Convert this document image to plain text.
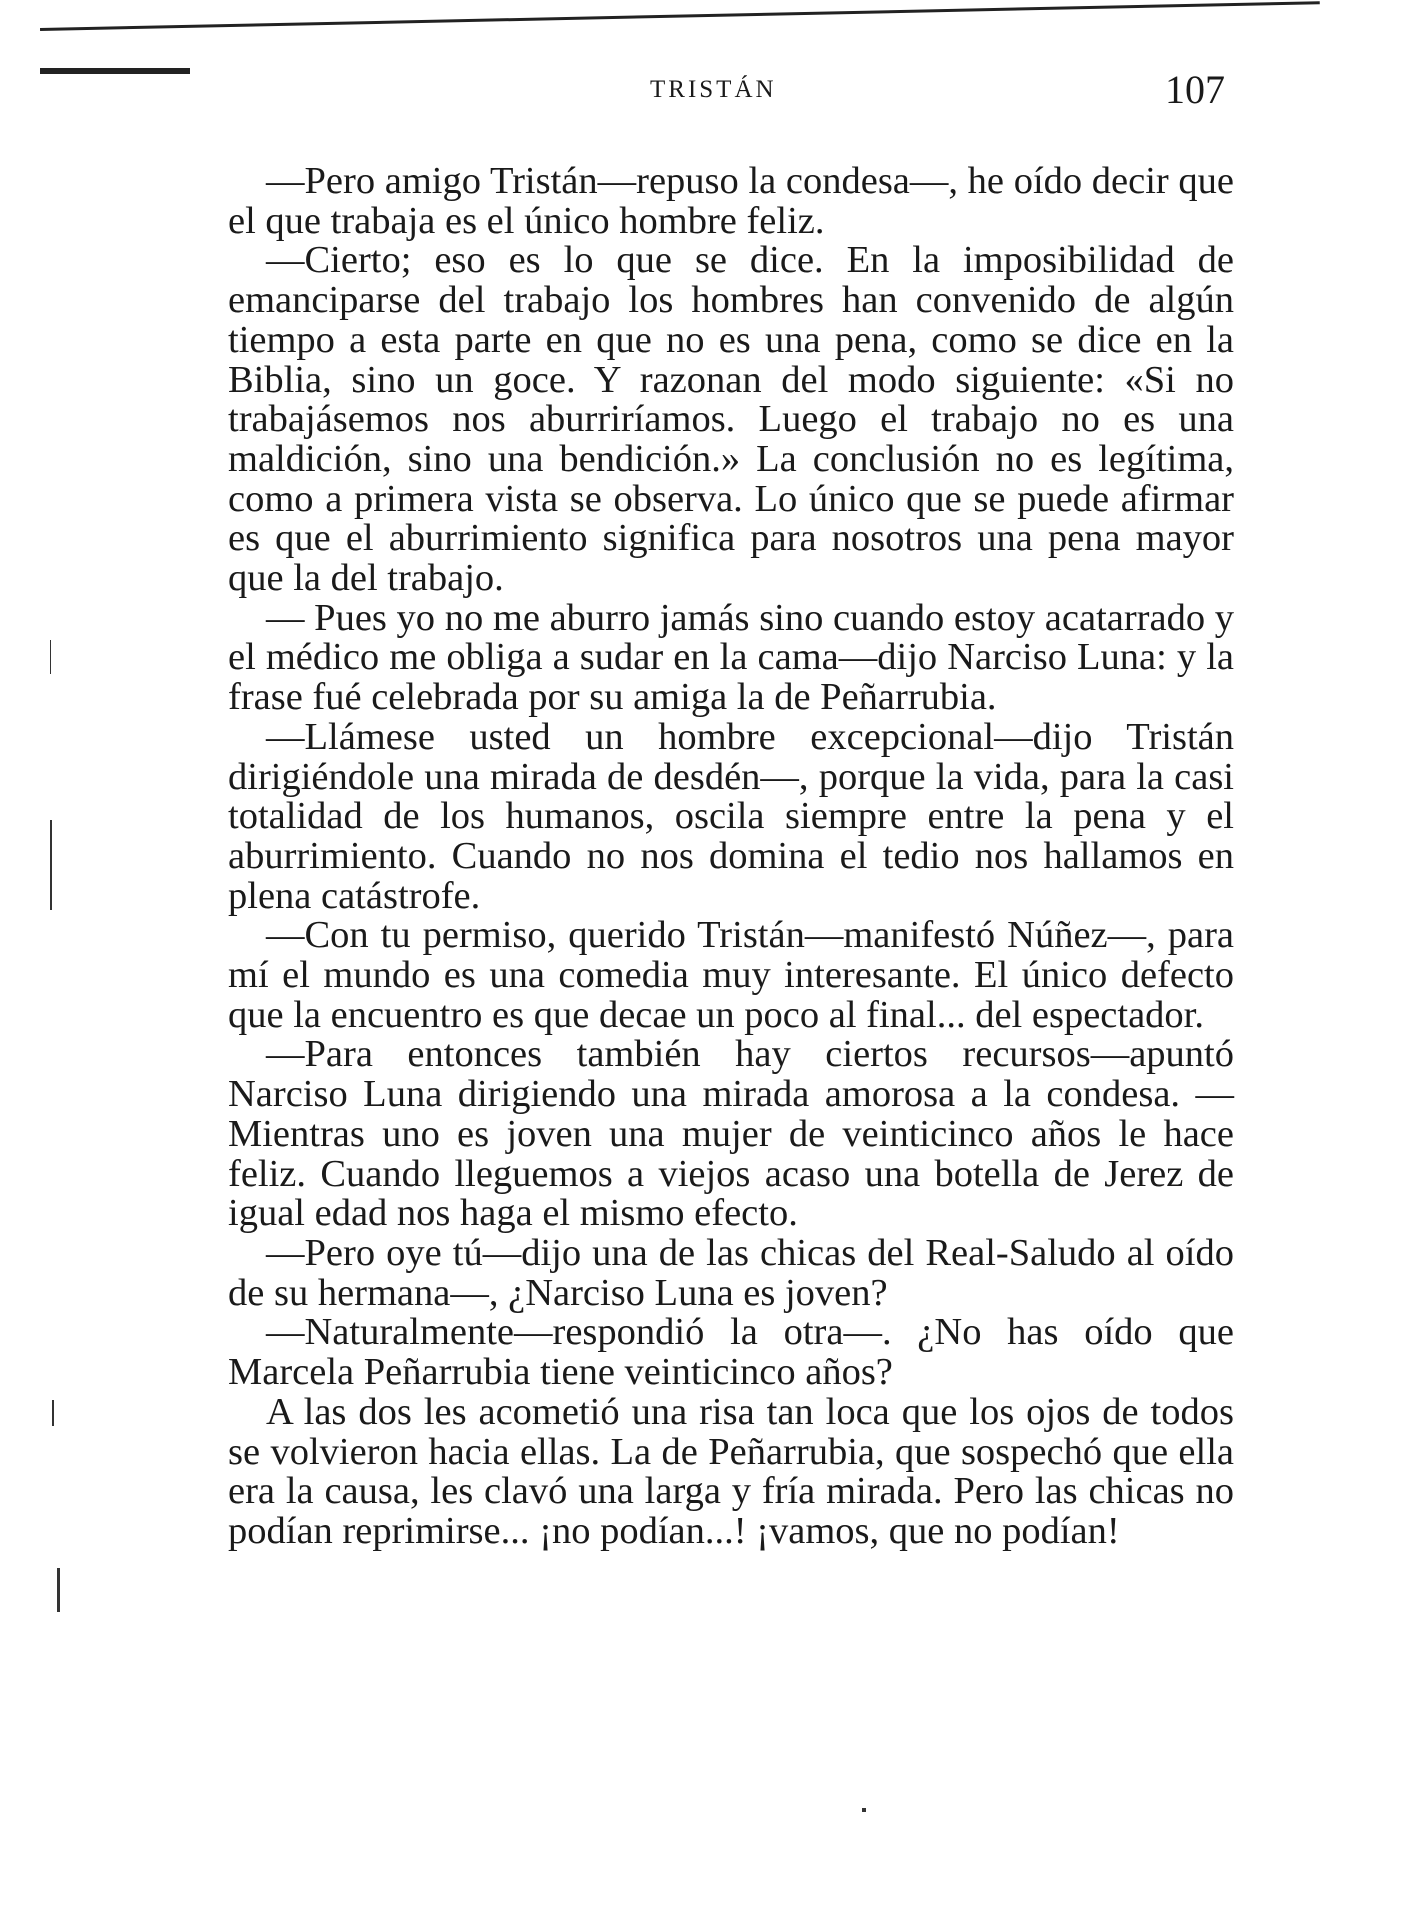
TRISTÁN	107

—Pero amigo Tristán—repuso la condesa—, he oído decir que el que trabaja es el único hombre feliz.

—Cierto; eso es lo que se dice. En la imposibilidad de emanciparse del trabajo los hombres han convenido de algún tiempo a esta parte en que no es una pena, como se dice en la Biblia, sino un goce. Y razonan del modo siguiente: «Si no trabajásemos nos aburriríamos. Luego el trabajo no es una maldición, sino una bendición.» La conclusión no es legítima, como a primera vista se observa. Lo único que se puede afirmar es que el aburrimiento significa para nosotros una pena mayor que la del trabajo.

— Pues yo no me aburro jamás sino cuando estoy acatarrado y el médico me obliga a sudar en la cama—dijo Narciso Luna: y la frase fué celebrada por su amiga la de Peñarrubia.

—Llámese usted un hombre excepcional—dijo Tristán dirigiéndole una mirada de desdén—, porque la vida, para la casi totalidad de los humanos, oscila siempre entre la pena y el aburrimiento. Cuando no nos domina el tedio nos hallamos en plena catástrofe.

—Con tu permiso, querido Tristán—manifestó Núñez—, para mí el mundo es una comedia muy interesante. El único defecto que la encuentro es que decae un poco al final... del espectador.

—Para entonces también hay ciertos recursos—apuntó Narciso Luna dirigiendo una mirada amorosa a la condesa. —Mientras uno es joven una mujer de veinticinco años le hace feliz. Cuando lleguemos a viejos acaso una botella de Jerez de igual edad nos haga el mismo efecto.

—Pero oye tú—dijo una de las chicas del Real-Saludo al oído de su hermana—, ¿Narciso Luna es joven?

—Naturalmente—respondió la otra—. ¿No has oído que Marcela Peñarrubia tiene veinticinco años?

A las dos les acometió una risa tan loca que los ojos de todos se volvieron hacia ellas. La de Peñarrubia, que sospechó que ella era la causa, les clavó una larga y fría mirada. Pero las chicas no podían reprimirse... ¡no podían...! ¡vamos, que no podían!
